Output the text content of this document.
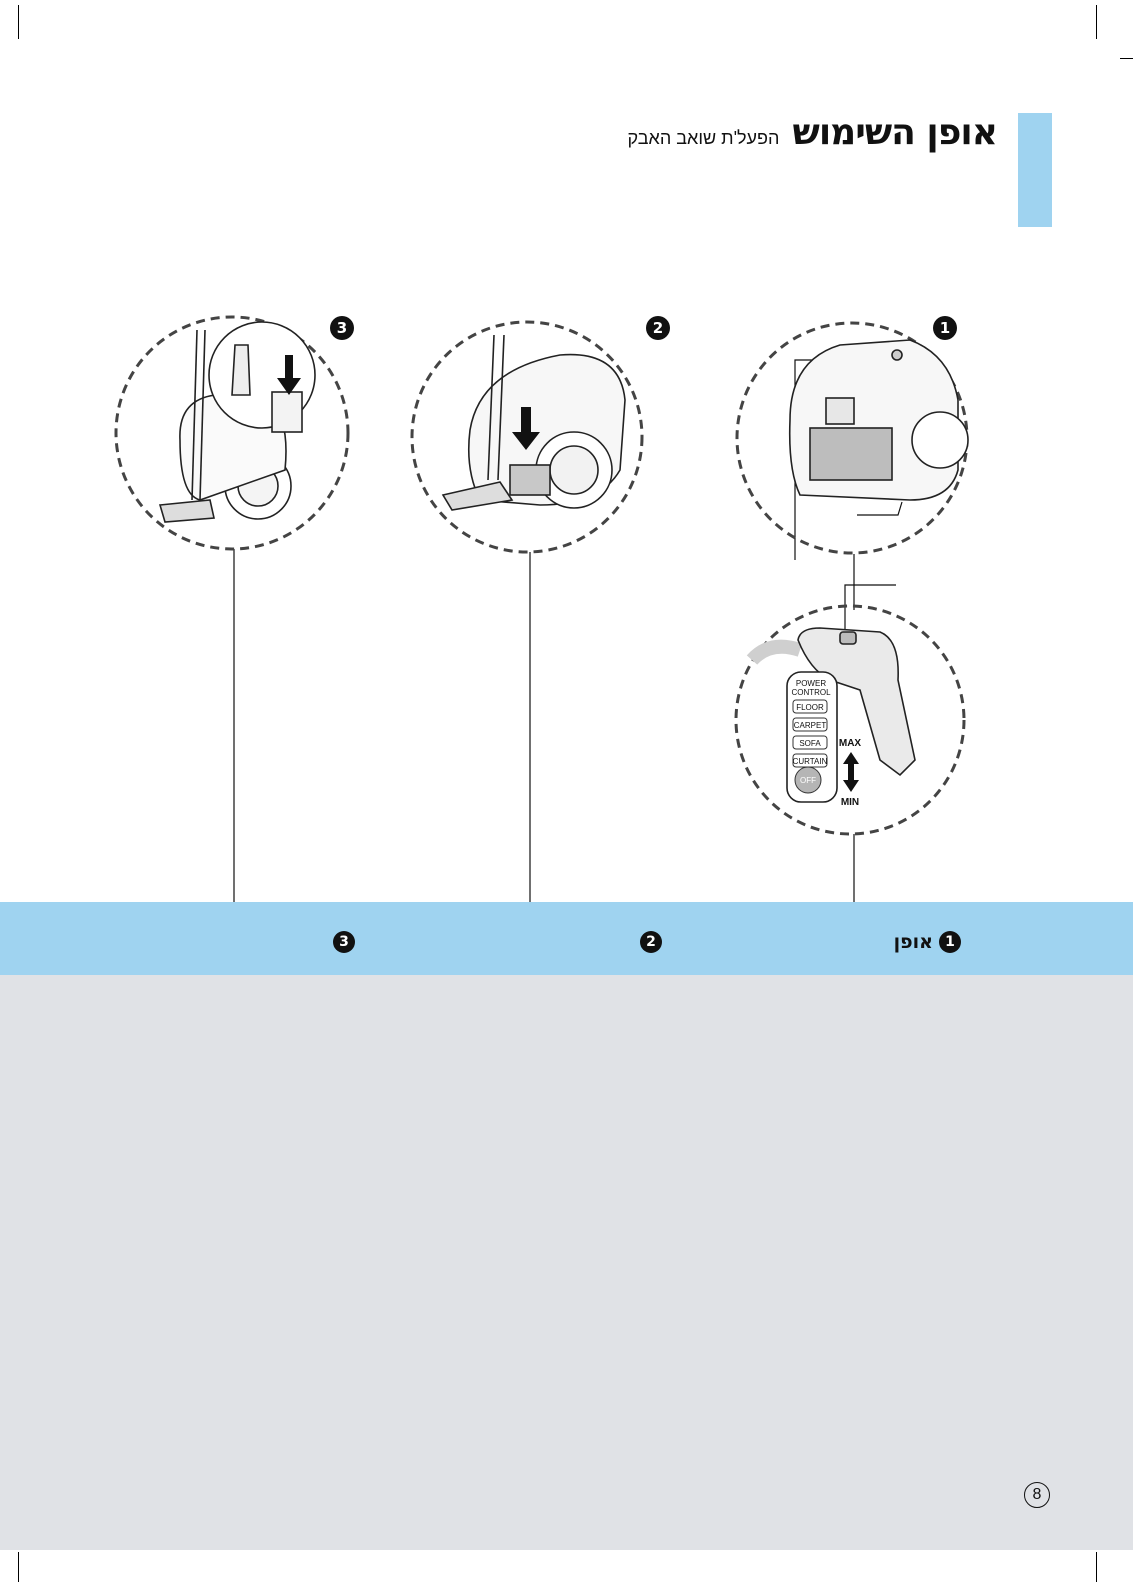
אופן השימוש הפעל'ת שואב האבק
POWER
CONTROL
FLOOR
CARPET
SOFA
CURTAIN
OFF
MAX
MIN
1
2
3
1
אופן
2
3
8
